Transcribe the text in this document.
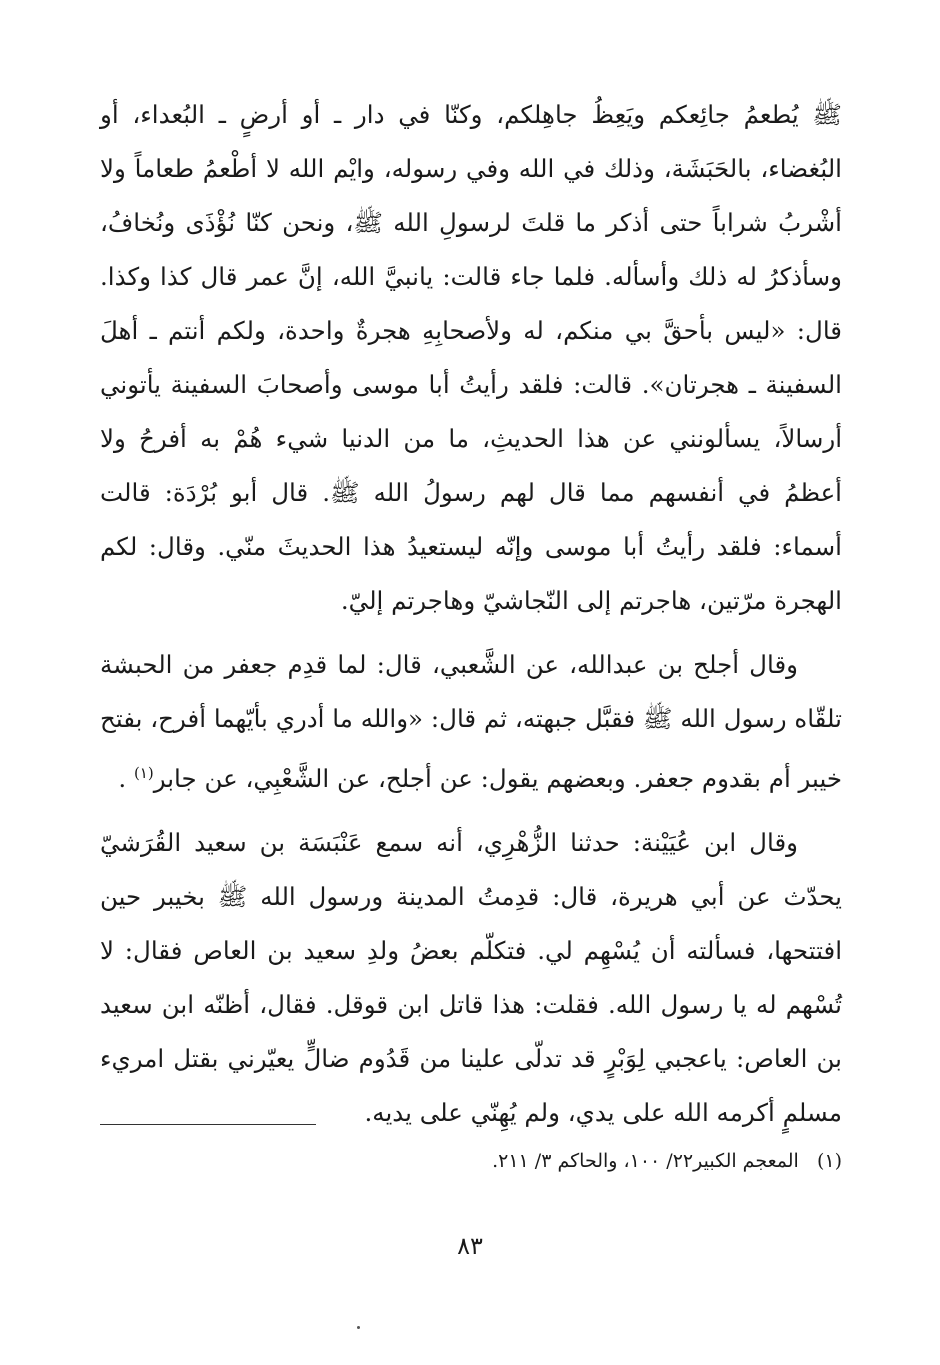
ﷺ يُطعمُ جائِعكم ويَعِظُ جاهِلكم، وكنّا في دار ـ أو أرضٍ ـ البُعداء، أو البُغضاء، بالحَبَشَة، وذلك في الله وفي رسوله، وايْم الله لا أطْعمُ طعاماً ولا أشْربُ شراباً حتى أذكر ما قلتَ لرسولِ الله ﷺ، ونحن كنّا نُؤْذَى ونُخافُ، وسأذكرُ له ذلك وأسأله. فلما جاء قالت: يانبيَّ الله، إنَّ عمر قال كذا وكذا. قال: «ليس بأحقَّ بي منكم، له ولأصحابِهِ هجرةٌ واحدة، ولكم أنتم ـ أهلَ السفينة ـ هجرتان». قالت: فلقد رأيتُ أبا موسى وأصحابَ السفينة يأتوني أرسالاً، يسألونني عن هذا الحديثِ، ما من الدنيا شيء هُمْ به أفرحُ ولا أعظمُ في أنفسهم مما قال لهم رسولُ الله ﷺ. قال أبو بُرْدَة: قالت أسماء: فلقد رأيتُ أبا موسى وإنّه ليستعيدُ هذا الحديثَ منّي. وقال: لكم الهجرة مرّتين، هاجرتم إلى النّجاشيّ وهاجرتم إليّ.

وقال أجلح بن عبدالله، عن الشَّعبي، قال: لما قدِم جعفر من الحبشة تلقّاه رسول الله ﷺ فقبَّل جبهته، ثم قال: «والله ما أدري بأيّهما أفرح، بفتح خيبر أم بقدوم جعفر. وبعضهم يقول: عن أجلح، عن الشَّعْبِي، عن جابر$^{(١)}$ .

وقال ابن عُيَيْنة: حدثنا الزُّهْرِي، أنه سمع عَنْبَسَة بن سعيد القُرَشيّ يحدّث عن أبي هريرة، قال: قدِمتُ المدينة ورسول الله ﷺ بخيبر حين افتتحها، فسألته أن يُسْهِم لي. فتكلّم بعضُ ولدِ سعيد بن العاص فقال: لا تُسْهم له يا رسول الله. فقلت: هذا قاتل ابن قوقل. فقال، أظنّه ابن سعيد بن العاص: ياعجبي لِوَبْرٍ قد تدلّى علينا من قَدُوم ضالٍّ يعيّرني بقتل امريء مسلمٍ أكرمه الله على يدي، ولم يُهِنّي على يديه.

(١)   المعجم الكبير٢٢/ ١٠٠، والحاكم ٣/ ٢١١.
٨٣
